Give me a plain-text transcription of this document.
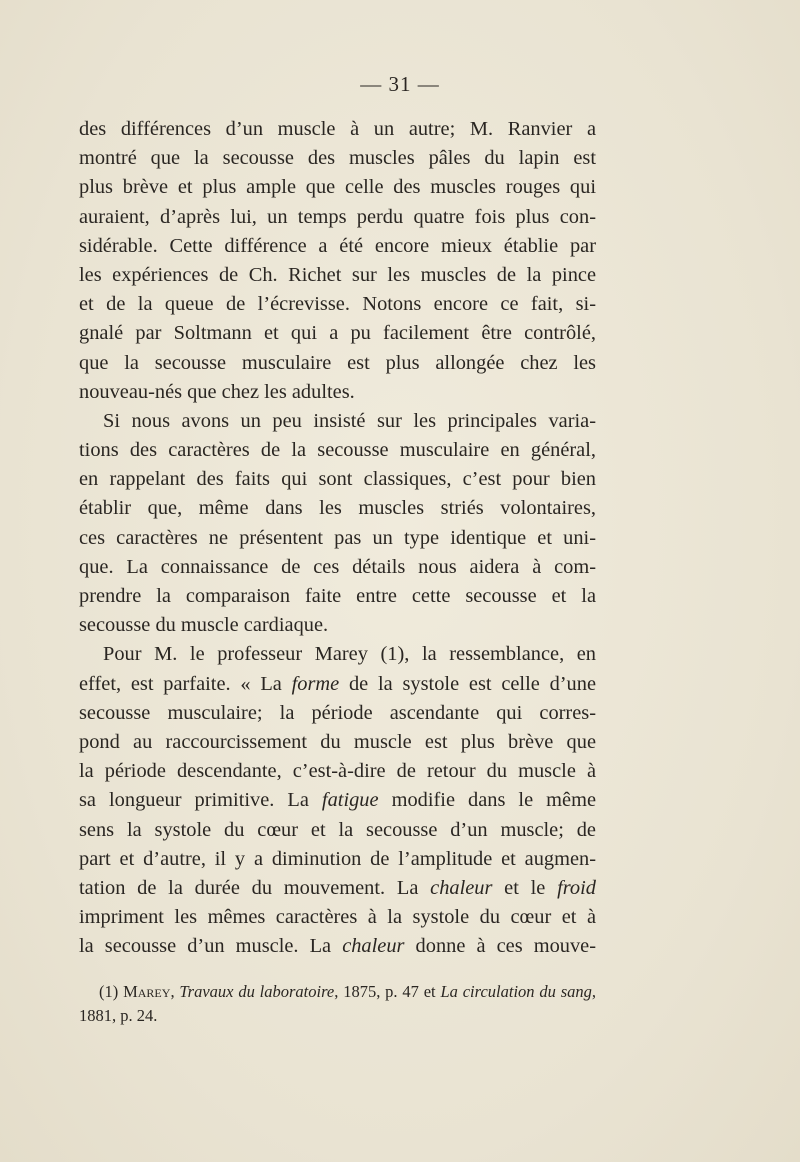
— 31 —
des différences d’un muscle à un autre; M. Ranvier a
montré que la secousse des muscles pâles du lapin est
plus brève et plus ample que celle des muscles rouges qui
auraient, d’après lui, un temps perdu quatre fois plus con-
sidérable. Cette différence a été encore mieux établie par
les expériences de Ch. Richet sur les muscles de la pince
et de la queue de l’écrevisse. Notons encore ce fait, si-
gnalé par Soltmann et qui a pu facilement être contrôlé,
que la secousse musculaire est plus allongée chez les
nouveau-nés que chez les adultes.
Si nous avons un peu insisté sur les principales varia-
tions des caractères de la secousse musculaire en général,
en rappelant des faits qui sont classiques, c’est pour bien
établir que, même dans les muscles striés volontaires,
ces caractères ne présentent pas un type identique et uni-
que. La connaissance de ces détails nous aidera à com-
prendre la comparaison faite entre cette secousse et la
secousse du muscle cardiaque.
Pour M. le professeur Marey (1), la ressemblance, en
effet, est parfaite. « La forme de la systole est celle d’une
secousse musculaire; la période ascendante qui corres-
pond au raccourcissement du muscle est plus brève que
la période descendante, c’est-à-dire de retour du muscle à
sa longueur primitive. La fatigue modifie dans le même
sens la systole du cœur et la secousse d’un muscle; de
part et d’autre, il y a diminution de l’amplitude et augmen-
tation de la durée du mouvement. La chaleur et le froid
impriment les mêmes caractères à la systole du cœur et à
la secousse d’un muscle. La chaleur donne à ces mouve-
(1) Marey, Travaux du laboratoire, 1875, p. 47 et La circulation du sang,
1881, p. 24.
